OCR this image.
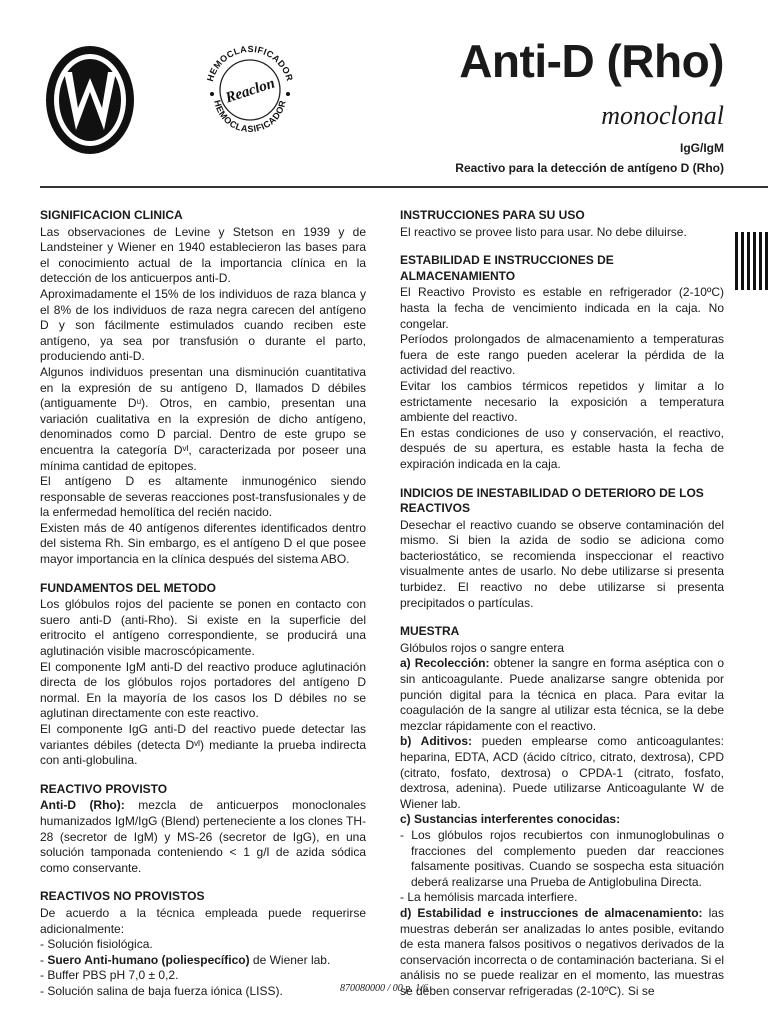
HEMOCLASIFICADOR
HEMOCLASIFICADOR
Reaclon
Anti-D (Rho)
monoclonal
IgG/IgM
Reactivo para la detección de antígeno D (Rho)
SIGNIFICACION CLINICA

Las observaciones de Levine y Stetson en 1939 y de Landsteiner y Wiener en 1940 establecieron las bases para el conocimiento actual de la importancia clínica en la detección de los anticuerpos anti-D.

Aproximadamente el 15% de los individuos de raza blanca y el 8% de los individuos de raza negra carecen del antígeno D y son fácilmente estimulados cuando reciben este antígeno, ya sea por transfusión o durante el parto, produciendo anti-D.

Algunos individuos presentan una disminución cuantitativa en la expresión de su antígeno D, llamados D débiles (antiguamente Dᵘ). Otros, en cambio, presentan una variación cualitativa en la expresión de dicho antígeno, denominados como D parcial. Dentro de este grupo se encuentra la categoría Dᵛᴵ, caracterizada por poseer una mínima cantidad de epitopes.

El antígeno D es altamente inmunogénico siendo responsable de severas reacciones post-transfusionales y de la enfermedad hemolítica del recién nacido.

Existen más de 40 antígenos diferentes identificados dentro del sistema Rh. Sin embargo, es el antígeno D el que posee mayor importancia en la clínica después del sistema ABO.

FUNDAMENTOS DEL METODO

Los glóbulos rojos del paciente se ponen en contacto con suero anti-D (anti-Rho). Si existe en la superficie del eritrocito el antígeno correspondiente, se producirá una aglutinación visible macroscópicamente.

El componente IgM anti-D del reactivo produce aglutinación directa de los glóbulos rojos portadores del antígeno D normal. En la mayoría de los casos los D débiles no se aglutinan directamente con este reactivo.

El componente IgG anti-D del reactivo puede detectar las variantes débiles (detecta Dᵛᴵ) mediante la prueba indirecta con anti-globulina.

REACTIVO PROVISTO

Anti-D (Rho): mezcla de anticuerpos monoclonales humanizados IgM/IgG (Blend) perteneciente a los clones TH-28 (secretor de IgM) y MS-26 (secretor de IgG), en una solución tamponada conteniendo < 1 g/l de azida sódica como conservante.

REACTIVOS NO PROVISTOS

De acuerdo a la técnica empleada puede requerirse adicionalmente:

- Solución fisiológica.
- Suero Anti-humano (poliespecífico) de Wiener lab.
- Buffer PBS pH 7,0 ± 0,2.
- Solución salina de baja fuerza iónica (LISS).
INSTRUCCIONES PARA SU USO

El reactivo se provee listo para usar. No debe diluirse.

ESTABILIDAD E INSTRUCCIONES DE ALMACENAMIENTO

El Reactivo Provisto es estable en refrigerador (2-10ºC) hasta la fecha de vencimiento indicada en la caja. No congelar.

Períodos prolongados de almacenamiento a temperaturas fuera de este rango pueden acelerar la pérdida de la actividad del reactivo.

Evitar los cambios térmicos repetidos y limitar a lo estrictamente necesario la exposición a temperatura ambiente del reactivo.

En estas condiciones de uso y conservación, el reactivo, después de su apertura, es estable hasta la fecha de expiración indicada en la caja.

INDICIOS DE INESTABILIDAD O DETERIORO DE LOS REACTIVOS

Desechar el reactivo cuando se observe contaminación del mismo. Si bien la azida de sodio se adiciona como bacteriostático, se recomienda inspeccionar el reactivo visualmente antes de usarlo. No debe utilizarse si presenta turbidez. El reactivo no debe utilizarse si presenta precipitados o partículas.

MUESTRA

Glóbulos rojos o sangre entera

a) Recolección: obtener la sangre en forma aséptica con o sin anticoagulante. Puede analizarse sangre obtenida por punción digital para la técnica en placa. Para evitar la coagulación de la sangre al utilizar esta técnica, se la debe mezclar rápidamente con el reactivo.

b) Aditivos: pueden emplearse como anticoagulantes: heparina, EDTA, ACD (ácido cítrico, citrato, dextrosa), CPD (citrato, fosfato, dextrosa) o CPDA-1 (citrato, fosfato, dextrosa, adenina). Puede utilizarse Anticoagulante W de Wiener lab.

c) Sustancias interferentes conocidas:

- Los glóbulos rojos recubiertos con inmunoglobulinas o fracciones del complemento pueden dar reacciones falsamente positivas. Cuando se sospecha esta situación deberá realizarse una Prueba de Antiglobulina Directa.
- La hemólisis marcada interfiere.

d) Estabilidad e instrucciones de almacenamiento: las muestras deberán ser analizadas lo antes posible, evitando de esta manera falsos positivos o negativos derivados de la conservación incorrecta o de contaminación bacteriana. Si el análisis no se puede realizar en el momento, las muestras se deben conservar refrigeradas (2-10ºC). Si se

870080000 / 00 p. 1/6
